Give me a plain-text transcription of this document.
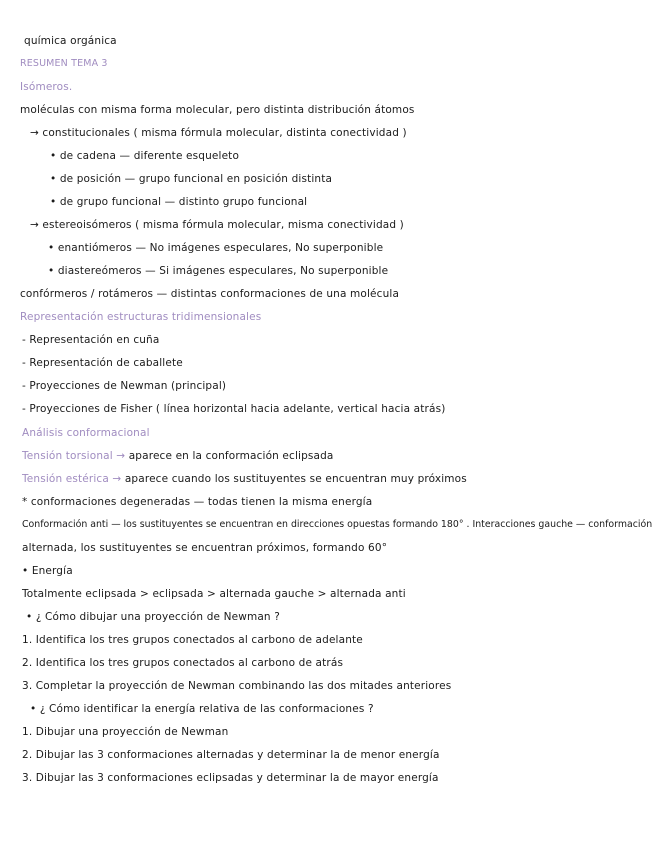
química orgánica
RESUMEN TEMA 3
Isómeros.
moléculas con misma forma molecular, pero distinta distribución átomos
→ constitucionales ( misma fórmula molecular, distinta conectividad )
• de cadena — diferente esqueleto
• de posición — grupo funcional en posición distinta
• de grupo funcional — distinto grupo funcional
→ estereoisómeros ( misma fórmula molecular, misma conectividad )
• enantiómeros — No imágenes especulares, No superponible
• diastereómeros — Si imágenes especulares, No superponible
confórmeros / rotámeros — distintas conformaciones de una molécula
Representación estructuras tridimensionales
- Representación en cuña
- Representación de caballete
- Proyecciones de Newman (principal)
- Proyecciones de Fisher ( línea horizontal hacia adelante, vertical hacia atrás)
Análisis conformacional
Tensión torsional → aparece en la conformación eclipsada
Tensión estérica → aparece cuando los sustituyentes se encuentran muy próximos
* conformaciones degeneradas — todas tienen la misma energía
Conformación anti — los sustituyentes se encuentran en direcciones opuestas formando 180° . Interacciones gauche — conformación
alternada, los sustituyentes se encuentran próximos, formando 60°
• Energía
Totalmente eclipsada > eclipsada > alternada gauche > alternada anti
• ¿ Cómo dibujar una proyección de Newman ?
1. Identifica los tres grupos conectados al carbono de adelante
2. Identifica los tres grupos conectados al carbono de atrás
3. Completar la proyección de Newman combinando las dos mitades anteriores
• ¿ Cómo identificar la energía relativa de las conformaciones ?
1. Dibujar una proyección de Newman
2. Dibujar las 3 conformaciones alternadas y determinar la de menor energía
3. Dibujar las 3 conformaciones eclipsadas y determinar la de mayor energía
